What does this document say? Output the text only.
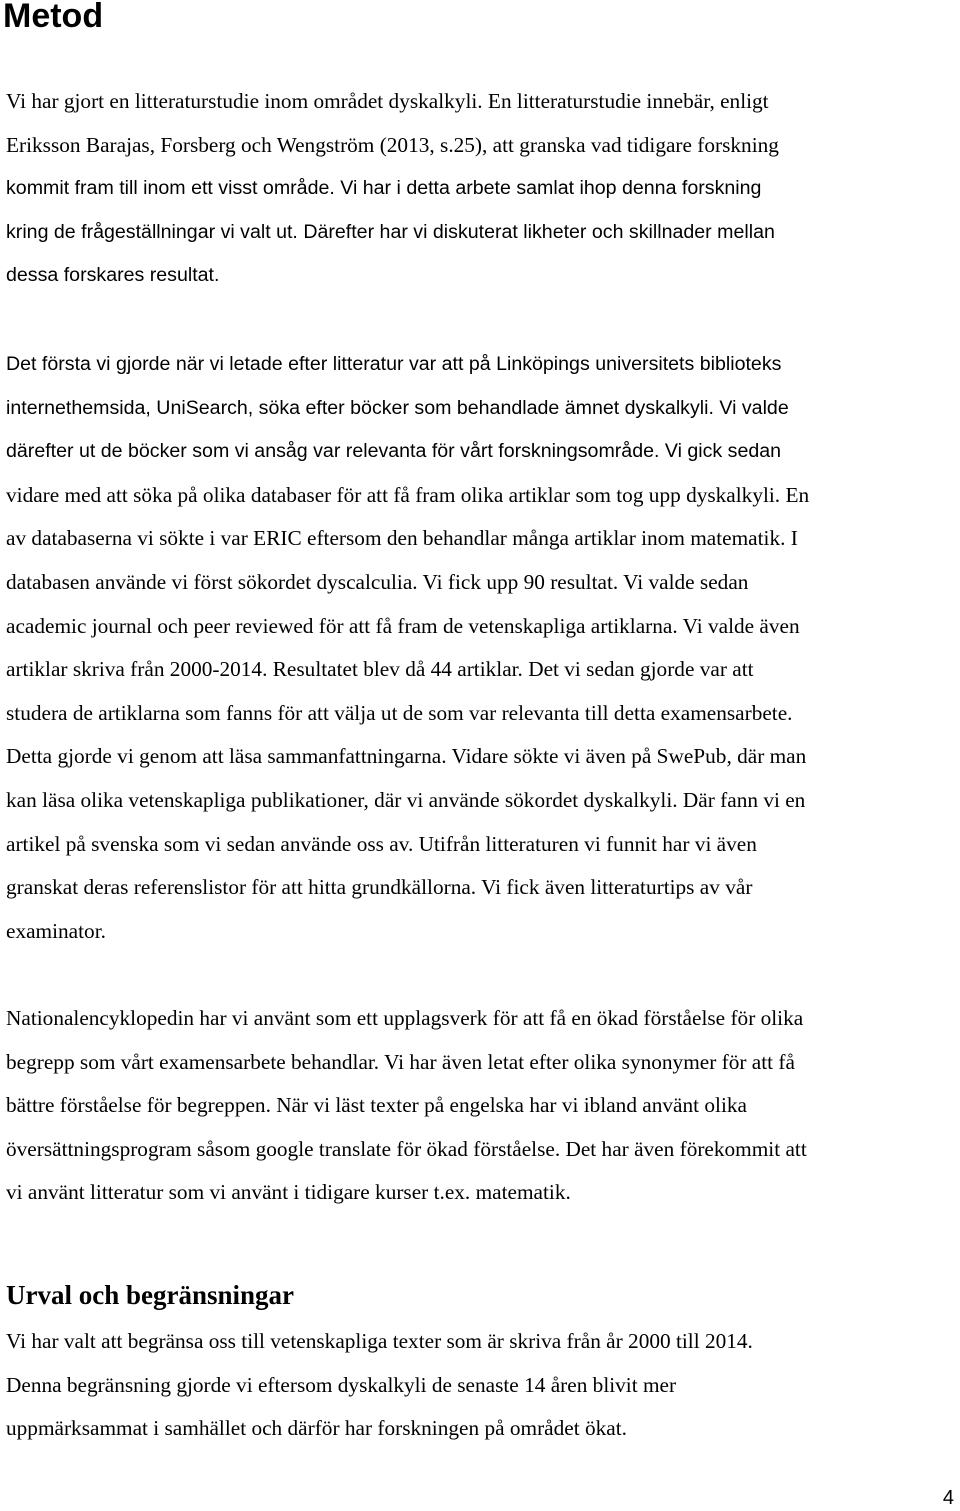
Metod

Vi har gjort en litteraturstudie inom området dyskalkyli. En litteraturstudie innebär, enligt
Eriksson Barajas, Forsberg och Wengström (2013, s.25), att granska vad tidigare forskning
kommit fram till inom ett visst område. Vi har i detta arbete samlat ihop denna forskning
kring de frågeställningar vi valt ut. Därefter har vi diskuterat likheter och skillnader mellan
dessa forskares resultat.

Det första vi gjorde när vi letade efter litteratur var att på Linköpings universitets biblioteks
internethemsida, UniSearch, söka efter böcker som behandlade ämnet dyskalkyli. Vi valde
därefter ut de böcker som vi ansåg var relevanta för vårt forskningsområde. Vi gick sedan
vidare med att söka på olika databaser för att få fram olika artiklar som tog upp dyskalkyli. En
av databaserna vi sökte i var ERIC eftersom den behandlar många artiklar inom matematik. I
databasen använde vi först sökordet dyscalculia. Vi fick upp 90 resultat. Vi valde sedan
academic journal och peer reviewed för att få fram de vetenskapliga artiklarna. Vi valde även
artiklar skriva från 2000-2014. Resultatet blev då 44 artiklar. Det vi sedan gjorde var att
studera de artiklarna som fanns för att välja ut de som var relevanta till detta examensarbete.
Detta gjorde vi genom att läsa sammanfattningarna. Vidare sökte vi även på SwePub, där man
kan läsa olika vetenskapliga publikationer, där vi använde sökordet dyskalkyli. Där fann vi en
artikel på svenska som vi sedan använde oss av. Utifrån litteraturen vi funnit har vi även
granskat deras referenslistor för att hitta grundkällorna. Vi fick även litteraturtips av vår
examinator.

Nationalencyklopedin har vi använt som ett upplagsverk för att få en ökad förståelse för olika
begrepp som vårt examensarbete behandlar. Vi har även letat efter olika synonymer för att få
bättre förståelse för begreppen. När vi läst texter på engelska har vi ibland använt olika
översättningsprogram såsom google translate för ökad förståelse. Det har även förekommit att
vi använt litteratur som vi använt i tidigare kurser t.ex. matematik.

Urval och begränsningar

Vi har valt att begränsa oss till vetenskapliga texter som är skriva från år 2000 till 2014.
Denna begränsning gjorde vi eftersom dyskalkyli de senaste 14 åren blivit mer
uppmärksammat i samhället och därför har forskningen på området ökat.

4
